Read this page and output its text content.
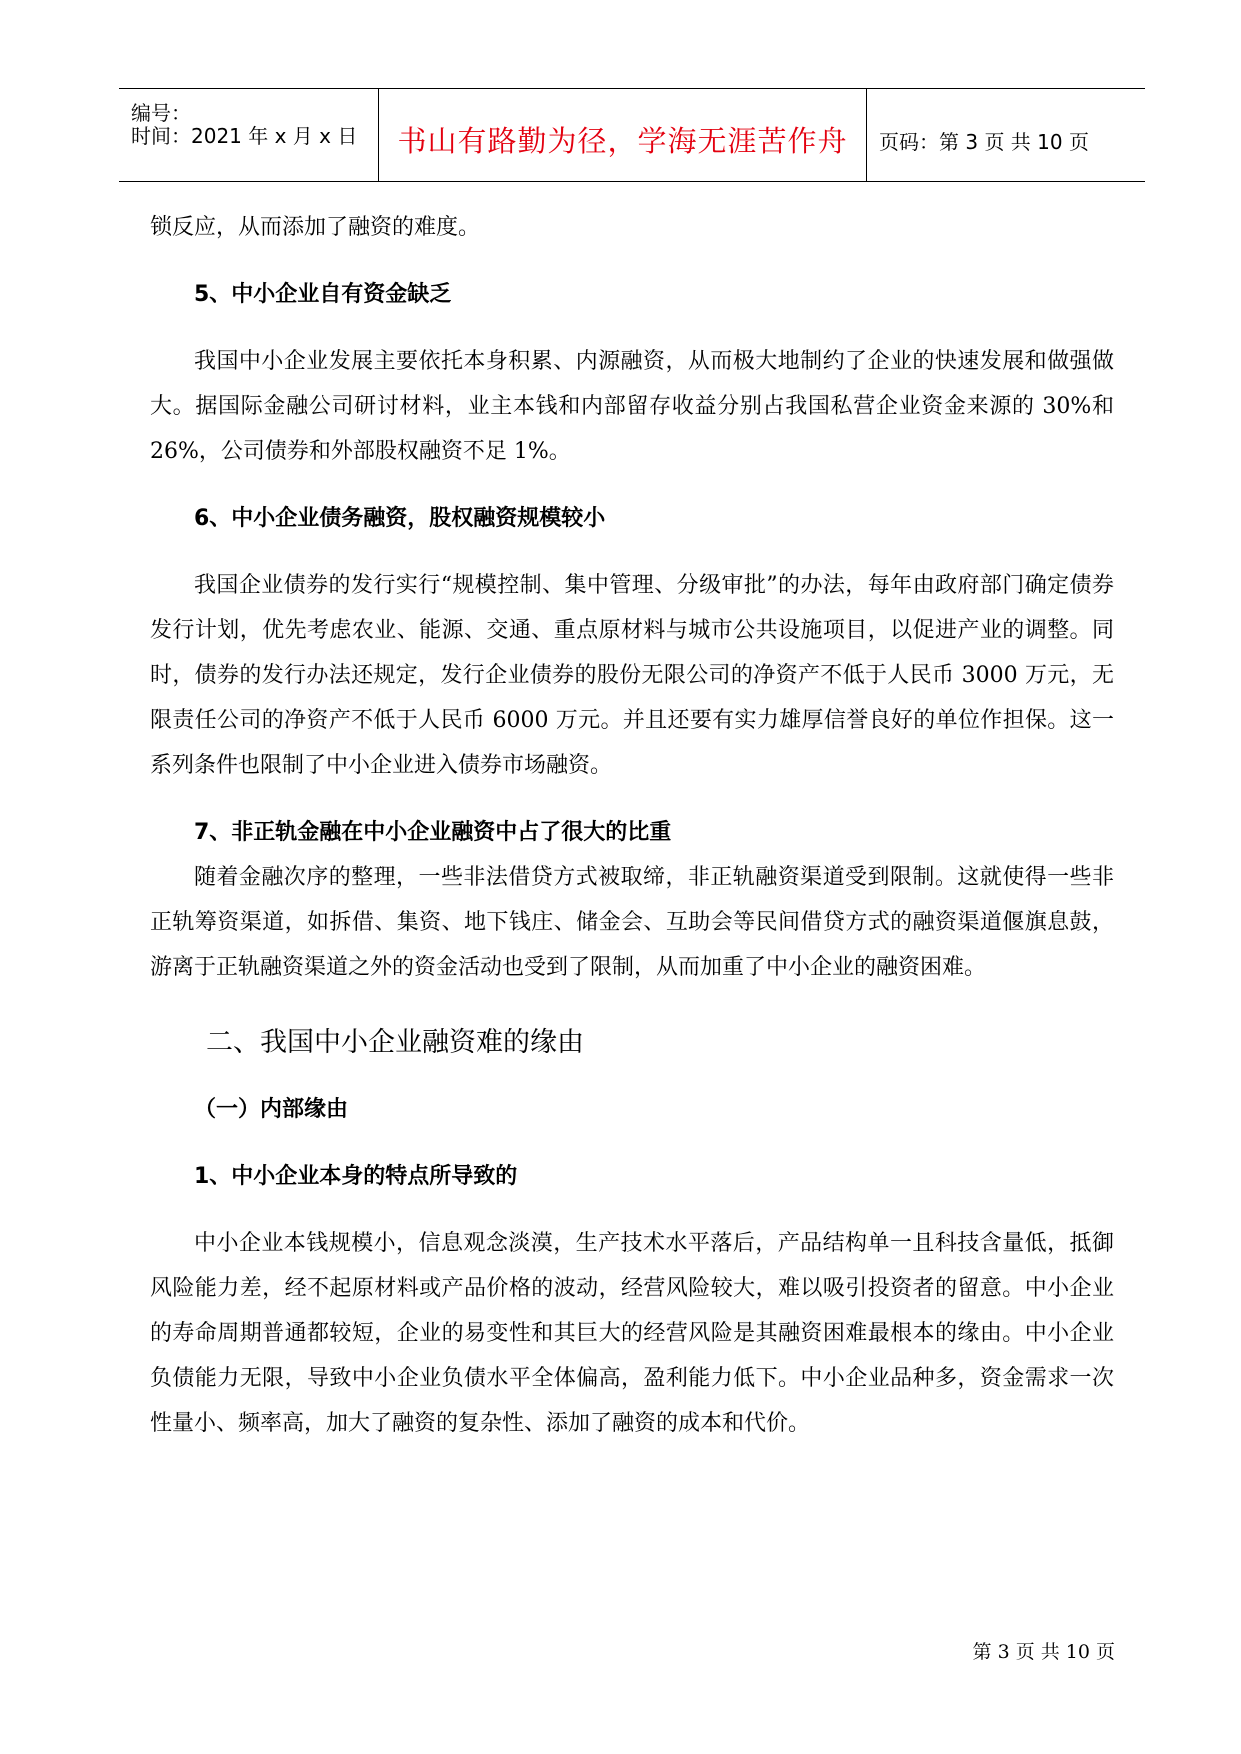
编号：
时间：2021 年 x 月 x 日	书山有路勤为径，学海无涯苦作舟	页码：第 3 页 共 10 页

锁反应，从而添加了融资的难度。

5、中小企业自有资金缺乏

我国中小企业发展主要依托本身积累、内源融资，从而极大地制约了企业的快速发展和做强做大。据国际金融公司研讨材料，业主本钱和内部留存收益分别占我国私营企业资金来源的 30%和 26%，公司债券和外部股权融资不足 1%。

6、中小企业债务融资，股权融资规模较小

我国企业债券的发行实行“规模控制、集中管理、分级审批”的办法，每年由政府部门确定债券发行计划，优先考虑农业、能源、交通、重点原材料与城市公共设施项目，以促进产业的调整。同时，债券的发行办法还规定，发行企业债券的股份无限公司的净资产不低于人民币 3000 万元，无限责任公司的净资产不低于人民币 6000 万元。并且还要有实力雄厚信誉良好的单位作担保。这一系列条件也限制了中小企业进入债券市场融资。

7、非正轨金融在中小企业融资中占了很大的比重

随着金融次序的整理，一些非法借贷方式被取缔，非正轨融资渠道受到限制。这就使得一些非正轨筹资渠道，如拆借、集资、地下钱庄、储金会、互助会等民间借贷方式的融资渠道偃旗息鼓，游离于正轨融资渠道之外的资金活动也受到了限制，从而加重了中小企业的融资困难。

二、我国中小企业融资难的缘由

（一）内部缘由

1、中小企业本身的特点所导致的

中小企业本钱规模小，信息观念淡漠，生产技术水平落后，产品结构单一且科技含量低，抵御风险能力差，经不起原材料或产品价格的波动，经营风险较大，难以吸引投资者的留意。中小企业的寿命周期普通都较短，企业的易变性和其巨大的经营风险是其融资困难最根本的缘由。中小企业负债能力无限，导致中小企业负债水平全体偏高，盈利能力低下。中小企业品种多，资金需求一次性量小、频率高，加大了融资的复杂性、添加了融资的成本和代价。

第 3 页 共 10 页
